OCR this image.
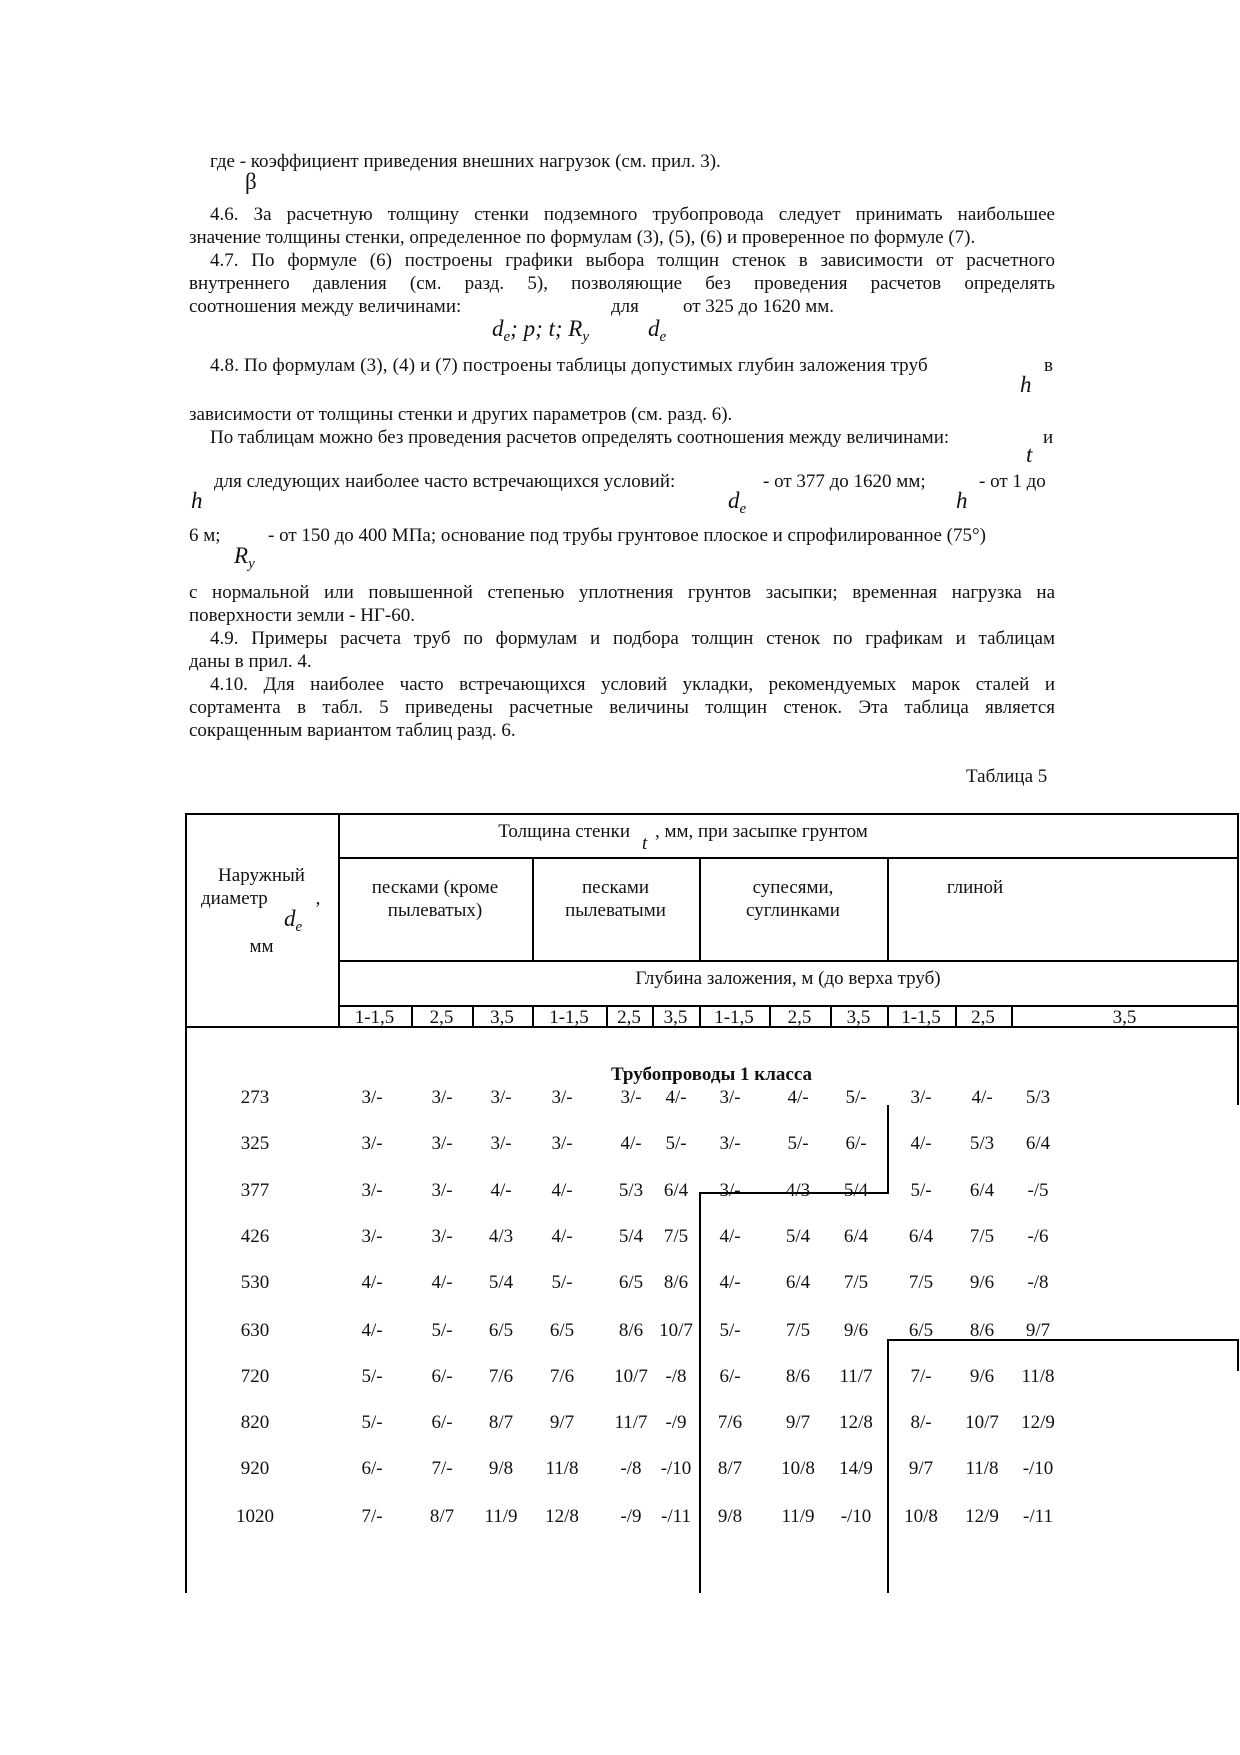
где - коэффициент приведения внешних нагрузок (см. прил. 3).
β
4.6. За расчетную толщину стенки подземного трубопровода следует принимать наибольшее
значение толщины стенки, определенное по формулам (3), (5), (6) и проверенное по формуле (7).
4.7. По формуле (6) построены графики выбора толщин стенок в зависимости от расчетного
внутреннего давления (см. разд. 5), позволяющие без проведения расчетов определять
соотношения между величинами:	для от 325 до 1620 мм.
$d_e$; p; t; $R_y$	$d_e$
4.8. По формулам (3), (4) и (7) построены таблицы допустимых глубин заложения труб	в
h
зависимости от толщины стенки и других параметров (см. разд. 6).
По таблицам можно без проведения расчетов определять соотношения между величинами:	и
t
для следующих наиболее часто встречающихся условий:	- от 377 до 1620 мм;	- от 1 до
h	$d_e$	h
6 м; - от 150 до 400 МПа; основание под трубы грунтовое плоское и спрофилированное (75°)
$R_y$
с нормальной или повышенной степенью уплотнения грунтов засыпки; временная нагрузка на
поверхности земли - НГ-60.
4.9. Примеры расчета труб по формулам и подбора толщин стенок по графикам и таблицам
даны в прил. 4.
4.10. Для наиболее часто встречающихся условий укладки, рекомендуемых марок сталей и
сортамента в табл. 5 приведены расчетные величины толщин стенок. Эта таблица является
сокращенным вариантом таблиц разд. 6.
Таблица 5
Наружный
диаметр	,
$d_e$
мм
Толщина стенки , мм, при засыпке грунтом
t
песками (кроме
пылеватых)
песками
пылеватыми
супесями,
суглинками
глиной
Глубина заложения, м (до верха труб)
1-1,5	2,5	3,5	1-1,5	2,5	3,5	1-1,5	2,5	3,5	1-1,5	2,5	3,5
Трубопроводы 1 класса
273	3/-	3/-	3/-	3/-	3/-	4/-	3/-	4/-	5/-	3/-	4/-	5/3
325	3/-	3/-	3/-	3/-	4/-	5/-	3/-	5/-	6/-	4/-	5/3	6/4
377	3/-	3/-	4/-	4/-	5/3	6/4	3/-	4/3	5/4	5/-	6/4	-/5
426	3/-	3/-	4/3	4/-	5/4	7/5	4/-	5/4	6/4	6/4	7/5	-/6
530	4/-	4/-	5/4	5/-	6/5	8/6	4/-	6/4	7/5	7/5	9/6	-/8
630	4/-	5/-	6/5	6/5	8/6 10/7	5/-	7/5	9/6	6/5	8/6	9/7
720	5/-	6/-	7/6	7/6	10/7 -/8	6/-	8/6	11/7	7/-	9/6	11/8
820	5/-	6/-	8/7	9/7	11/7 -/9	7/6	9/7	12/8	8/-	10/7	12/9
920	6/-	7/-	9/8	11/8	-/8	-/10	8/7	10/8	14/9	9/7	11/8	-/10
1020	7/-	8/7	11/9	12/8	-/9	-/11	9/8	11/9	-/10	10/8	12/9	-/11
